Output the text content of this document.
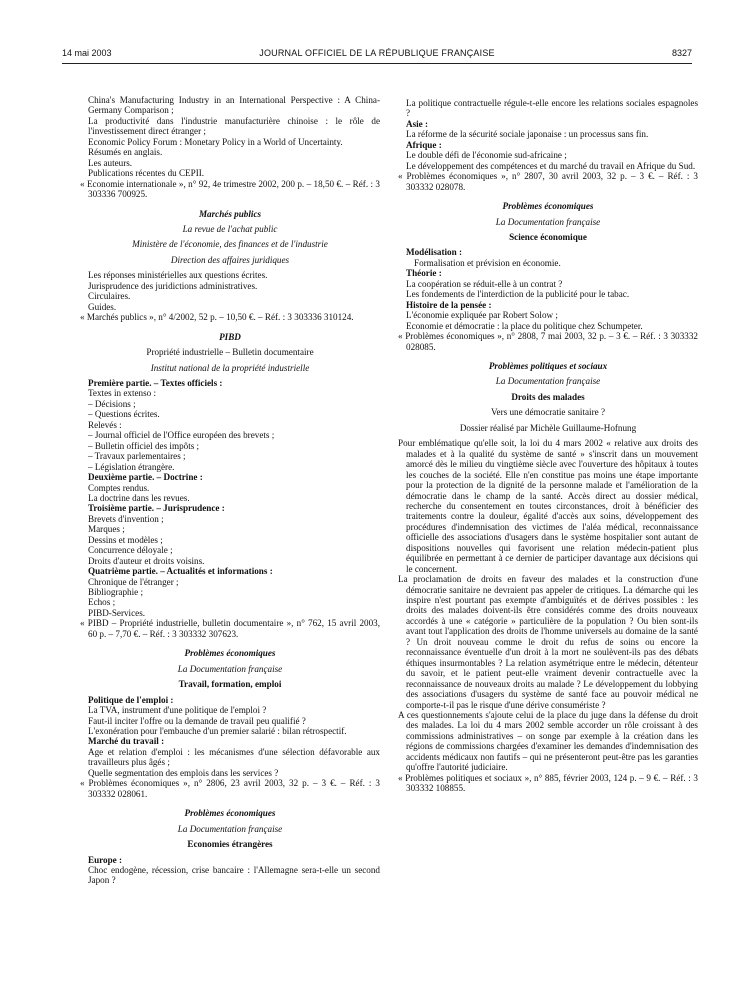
14 mai 2003	JOURNAL OFFICIEL DE LA RÉPUBLIQUE FRANÇAISE	8327

China's Manufacturing Industry in an International Perspective : A China-Germany Comparison ;

La productivité dans l'industrie manufacturière chinoise : le rôle de l'investissement direct étranger ;

Economic Policy Forum : Monetary Policy in a World of Uncertainty.

Résumés en anglais.

Les auteurs.

Publications récentes du CEPII.

« Economie internationale », n° 92, 4e trimestre 2002, 200 p. – 18,50 €. – Réf. : 3 303336 700925.

Marchés publics

La revue de l'achat public

Ministère de l'économie, des finances et de l'industrie

Direction des affaires juridiques

Les réponses ministérielles aux questions écrites.

Jurisprudence des juridictions administratives.

Circulaires.

Guides.

« Marchés publics », n° 4/2002, 52 p. – 10,50 €. – Réf. : 3 303336 310124.

PIBD

Propriété industrielle – Bulletin documentaire

Institut national de la propriété industrielle

Première partie. – Textes officiels :

Textes in extenso :

– Décisions ;

– Questions écrites.

Relevés :

– Journal officiel de l'Office européen des brevets ;

– Bulletin officiel des impôts ;

– Travaux parlementaires ;

– Législation étrangère.

Deuxième partie. – Doctrine :

Comptes rendus.

La doctrine dans les revues.

Troisième partie. – Jurisprudence :

Brevets d'invention ;

Marques ;

Dessins et modèles ;

Concurrence déloyale ;

Droits d'auteur et droits voisins.

Quatrième partie. – Actualités et informations :

Chronique de l'étranger ;

Bibliographie ;

Echos ;

PIBD-Services.

« PIBD – Propriété industrielle, bulletin documentaire », n° 762, 15 avril 2003, 60 p. – 7,70 €. – Réf. : 3 303332 307623.

Problèmes économiques

La Documentation française

Travail, formation, emploi

Politique de l'emploi :

La TVA, instrument d'une politique de l'emploi ?

Faut-il inciter l'offre ou la demande de travail peu qualifié ?

L'exonération pour l'embauche d'un premier salarié : bilan rétrospectif.

Marché du travail :

Age et relation d'emploi : les mécanismes d'une sélection défavorable aux travailleurs plus âgés ;

Quelle segmentation des emplois dans les services ?

« Problèmes économiques », n° 2806, 23 avril 2003, 32 p. – 3 €. – Réf. : 3 303332 028061.

Problèmes économiques

La Documentation française

Economies étrangères

Europe :

Choc endogène, récession, crise bancaire : l'Allemagne sera-t-elle un second Japon ?

La politique contractuelle régule-t-elle encore les relations sociales espagnoles ?

Asie :

La réforme de la sécurité sociale japonaise : un processus sans fin.

Afrique :

Le double défi de l'économie sud-africaine ;

Le développement des compétences et du marché du travail en Afrique du Sud.

« Problèmes économiques », n° 2807, 30 avril 2003, 32 p. – 3 €. – Réf. : 3 303332 028078.

Problèmes économiques

La Documentation française

Science économique

Modélisation :

Formalisation et prévision en économie.

Théorie :

La coopération se réduit-elle à un contrat ?

Les fondements de l'interdiction de la publicité pour le tabac.

Histoire de la pensée :

L'économie expliquée par Robert Solow ;

Economie et démocratie : la place du politique chez Schumpeter.

« Problèmes économiques », n° 2808, 7 mai 2003, 32 p. – 3 €. – Réf. : 3 303332 028085.

Problèmes politiques et sociaux

La Documentation française

Droits des malades

Vers une démocratie sanitaire ?

Dossier réalisé par Michèle Guillaume-Hofnung

Pour emblématique qu'elle soit, la loi du 4 mars 2002 « relative aux droits des malades et à la qualité du système de santé » s'inscrit dans un mouvement amorcé dès le milieu du vingtième siècle avec l'ouverture des hôpitaux à toutes les couches de la société. Elle n'en constitue pas moins une étape importante pour la protection de la dignité de la personne malade et l'amélioration de la démocratie dans le champ de la santé. Accès direct au dossier médical, recherche du consentement en toutes circonstances, droit à bénéficier des traitements contre la douleur, égalité d'accès aux soins, développement des procédures d'indemnisation des victimes de l'aléa médical, reconnaissance officielle des associations d'usagers dans le système hospitalier sont autant de dispositions nouvelles qui favorisent une relation médecin-patient plus équilibrée en permettant à ce dernier de participer davantage aux décisions qui le concernent.

La proclamation de droits en faveur des malades et la construction d'une démocratie sanitaire ne devraient pas appeler de critiques. La démarche qui les inspire n'est pourtant pas exempte d'ambiguïtés et de dérives possibles : les droits des malades doivent-ils être considérés comme des droits nouveaux accordés à une « catégorie » particulière de la population ? Ou bien sont-ils avant tout l'application des droits de l'homme universels au domaine de la santé ? Un droit nouveau comme le droit du refus de soins ou encore la reconnaissance éventuelle d'un droit à la mort ne soulèvent-ils pas des débats éthiques insurmontables ? La relation asymétrique entre le médecin, détenteur du savoir, et le patient peut-elle vraiment devenir contractuelle avec la reconnaissance de nouveaux droits au malade ? Le développement du lobbying des associations d'usagers du système de santé face au pouvoir médical ne comporte-t-il pas le risque d'une dérive consumériste ?

A ces questionnements s'ajoute celui de la place du juge dans la défense du droit des malades. La loi du 4 mars 2002 semble accorder un rôle croissant à des commissions administratives – on songe par exemple à la création dans les régions de commissions chargées d'examiner les demandes d'indemnisation des accidents médicaux non fautifs – qui ne présenteront peut-être pas les garanties qu'offre l'autorité judiciaire.

« Problèmes politiques et sociaux », n° 885, février 2003, 124 p. – 9 €. – Réf. : 3 303332 108855.
